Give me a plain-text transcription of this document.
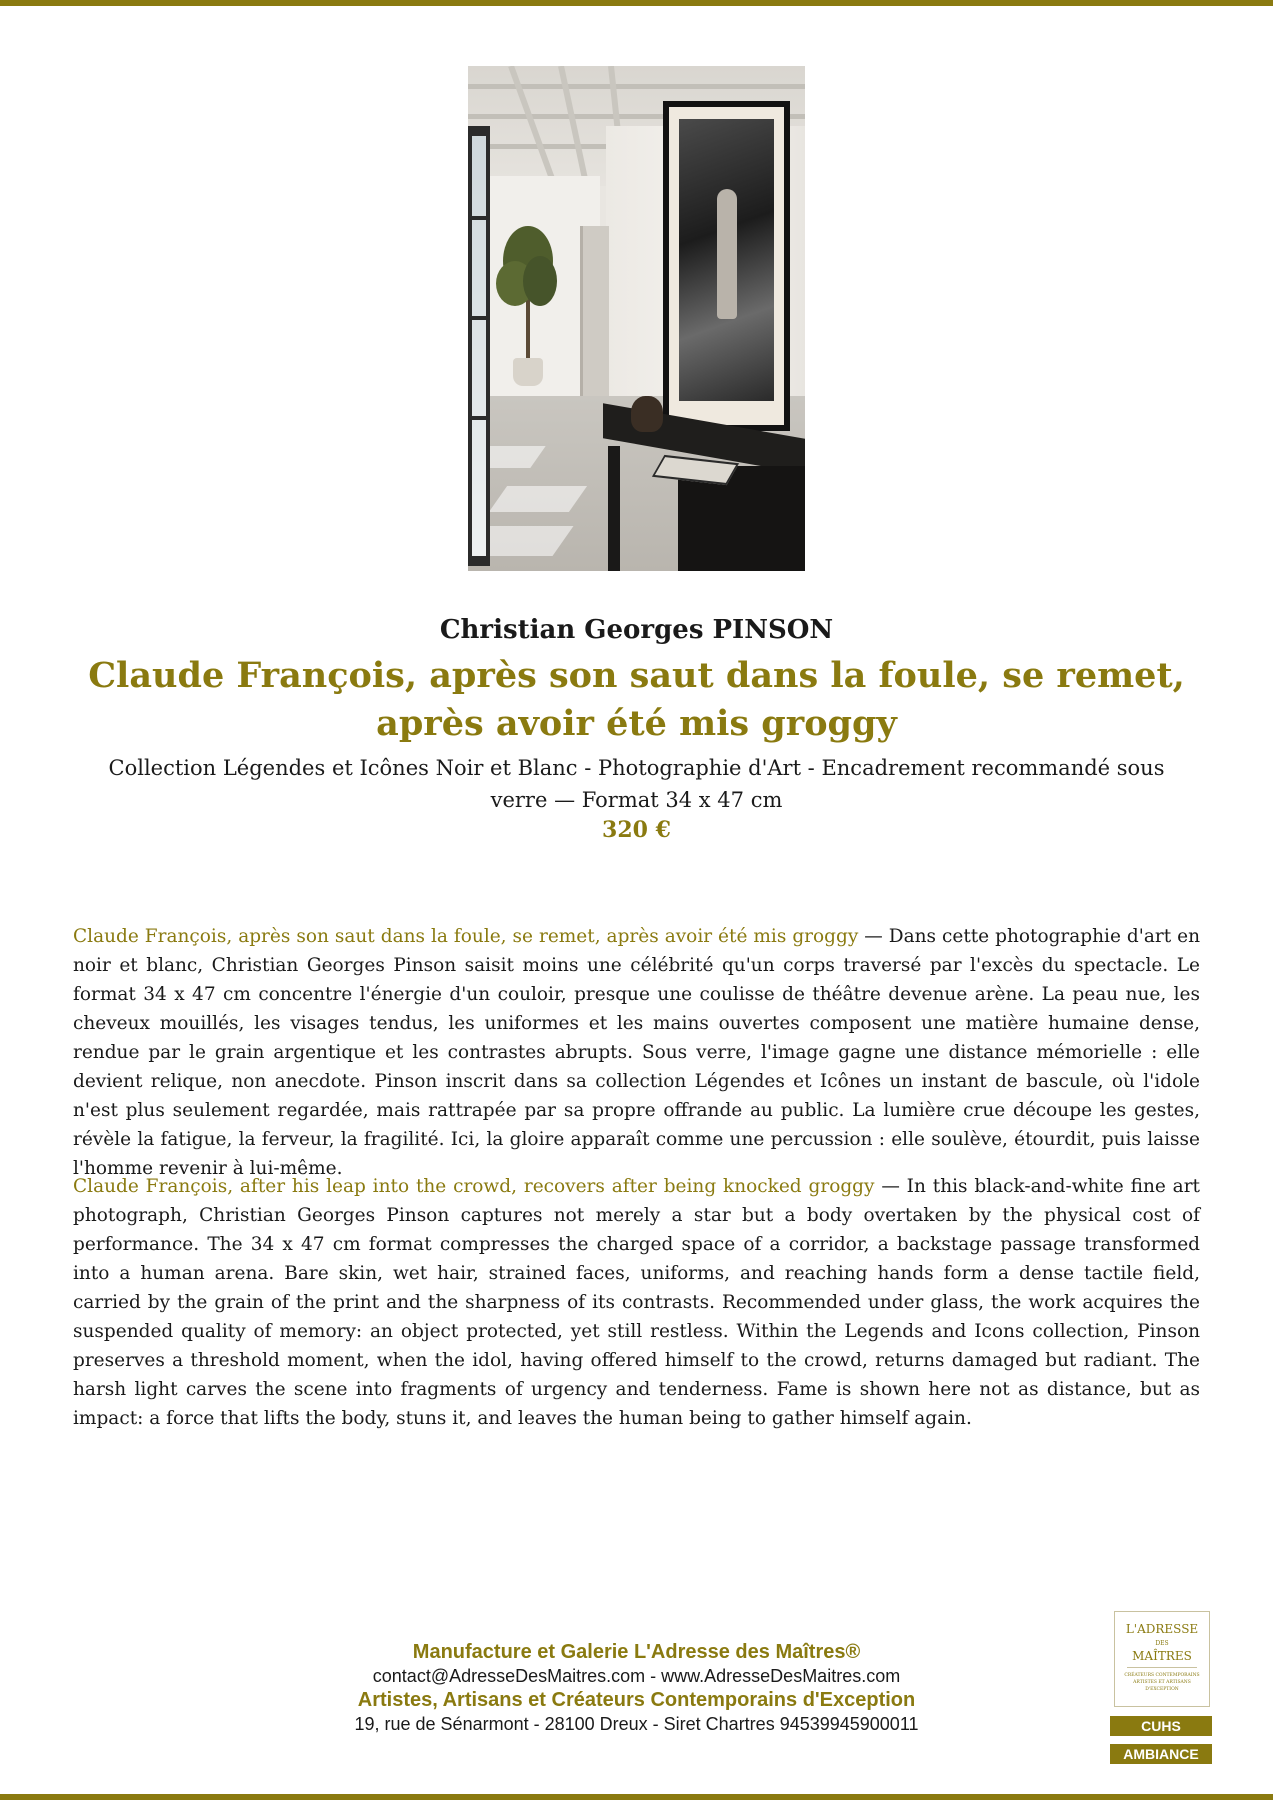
Christian Georges PINSON
Claude François, après son saut dans la foule, se remet, après avoir été mis groggy

Collection Légendes et Icônes Noir et Blanc - Photographie d'Art - Encadrement recommandé sous verre — Format 34 x 47 cm

320 €

Claude François, après son saut dans la foule, se remet, après avoir été mis groggy — Dans cette photographie d'art en noir et blanc, Christian Georges Pinson saisit moins une célébrité qu'un corps traversé par l'excès du spectacle. Le format 34 x 47 cm concentre l'énergie d'un couloir, presque une coulisse de théâtre devenue arène. La peau nue, les cheveux mouillés, les visages tendus, les uniformes et les mains ouvertes composent une matière humaine dense, rendue par le grain argentique et les contrastes abrupts. Sous verre, l'image gagne une distance mémorielle : elle devient relique, non anecdote. Pinson inscrit dans sa collection Légendes et Icônes un instant de bascule, où l'idole n'est plus seulement regardée, mais rattrapée par sa propre offrande au public. La lumière crue découpe les gestes, révèle la fatigue, la ferveur, la fragilité. Ici, la gloire apparaît comme une percussion : elle soulève, étourdit, puis laisse l'homme revenir à lui-même.

Claude François, after his leap into the crowd, recovers after being knocked groggy — In this black-and-white fine art photograph, Christian Georges Pinson captures not merely a star but a body overtaken by the physical cost of performance. The 34 x 47 cm format compresses the charged space of a corridor, a backstage passage transformed into a human arena. Bare skin, wet hair, strained faces, uniforms, and reaching hands form a dense tactile field, carried by the grain of the print and the sharpness of its contrasts. Recommended under glass, the work acquires the suspended quality of memory: an object protected, yet still restless. Within the Legends and Icons collection, Pinson preserves a threshold moment, when the idol, having offered himself to the crowd, returns damaged but radiant. The harsh light carves the scene into fragments of urgency and tenderness. Fame is shown here not as distance, but as impact: a force that lifts the body, stuns it, and leaves the human being to gather himself again.

Manufacture et Galerie L'Adresse des Maîtres®
contact@AdresseDesMaitres.com - www.AdresseDesMaitres.com
Artistes, Artisans et Créateurs Contemporains d'Exception
19, rue de Sénarmont - 28100 Dreux - Siret Chartres 94539945900011
L'ADRESSE
DES
MAÎTRES
CRÉATEURS CONTEMPORAINS ARTISTES ET ARTISANS D'EXCEPTION
CUHS
AMBIANCE
